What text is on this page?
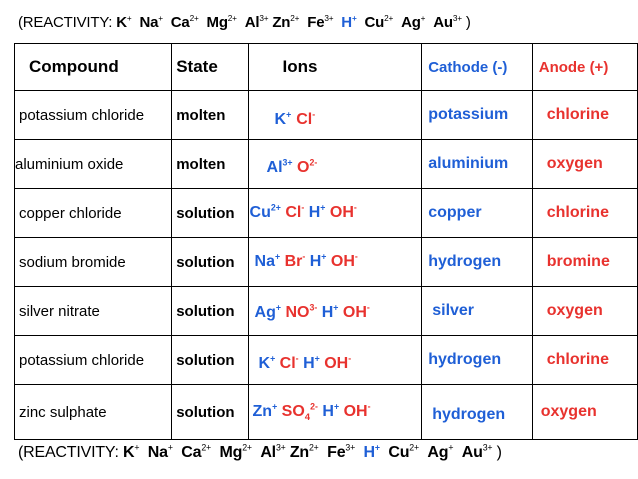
(REACTIVITY: K+ Na+ $Ca^{2+}$ $Mg^{2+}$ $Al^{3+}$ $Zn^{2+}$ $Fe^{3+}$ H+ $Cu^{2+}$ Ag+ $Au^{3+}$ )
Compound	State	Ions	Cathode (-)	Anode (+)
potassium chloride	molten	K+ Cl-	potassium	chlorine
aluminium oxide	molten	$Al^{3+}$ $O^{2-}$	aluminium	oxygen
copper chloride	solution	$Cu^{2+}$ Cl- H+ OH-	copper	chlorine
sodium bromide	solution	Na+ Br- H+ OH-	hydrogen	bromine
silver nitrate	solution	Ag+ $NO^{3-}$ H+ OH-	silver	oxygen
potassium chloride	solution	K+ Cl- H+ OH-	hydrogen	chlorine
zinc sulphate	solution	Zn+ $SO_4^{2-}$ H+ OH-	hydrogen	oxygen
(REACTIVITY: K+ Na+ $Ca^{2+}$ $Mg^{2+}$ $Al^{3+}$ $Zn^{2+}$ $Fe^{3+}$ H+ $Cu^{2+}$ Ag+ $Au^{3+}$ )
